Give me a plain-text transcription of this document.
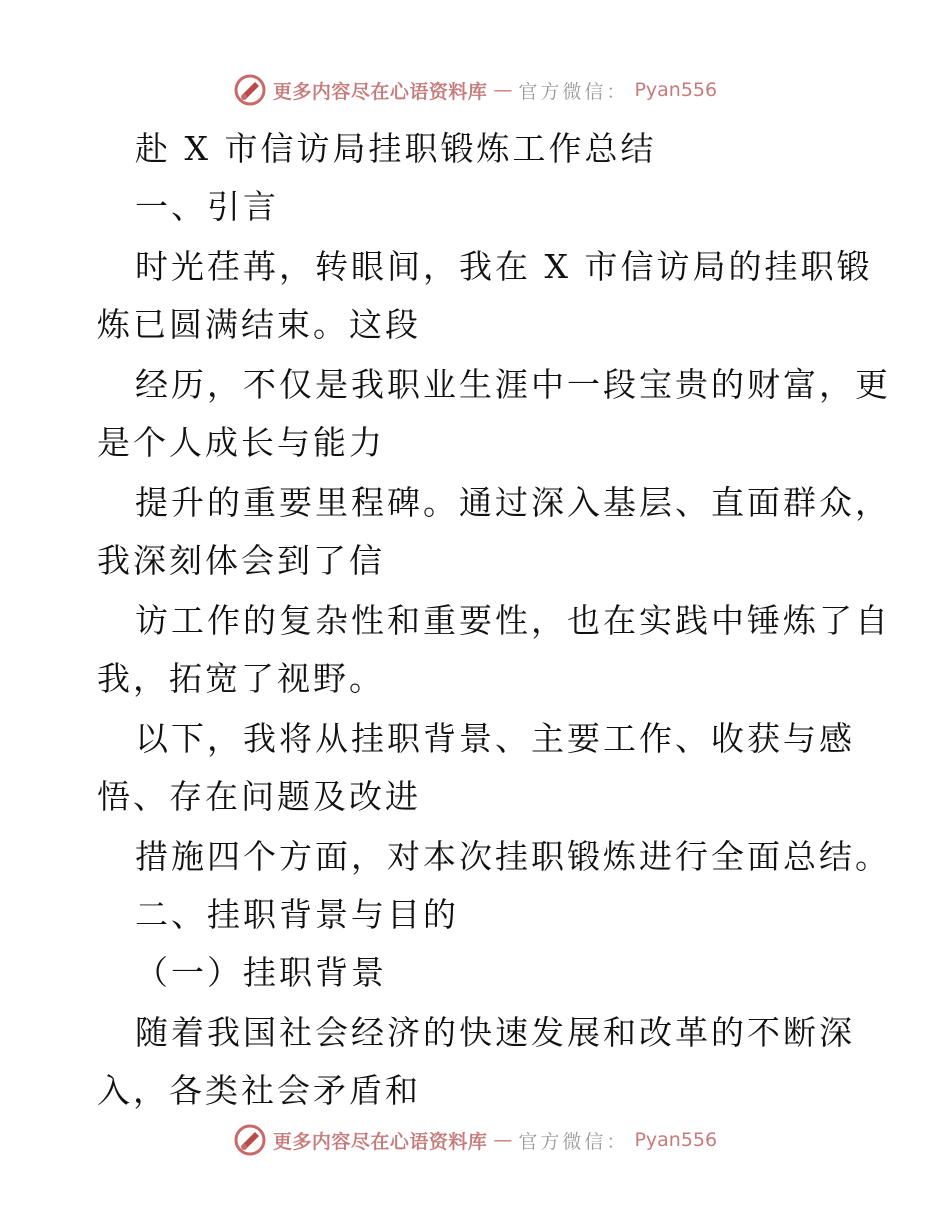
更多内容尽在心语资料库 — 官方微信： Pyan556
赴 X 市信访局挂职锻炼工作总结
一、引言
时光荏苒，转眼间，我在 X 市信访局的挂职锻
炼已圆满结束。这段
经历，不仅是我职业生涯中一段宝贵的财富，更
是个人成长与能力
提升的重要里程碑。通过深入基层、直面群众，
我深刻体会到了信
访工作的复杂性和重要性，也在实践中锤炼了自
我，拓宽了视野。
以下，我将从挂职背景、主要工作、收获与感
悟、存在问题及改进
措施四个方面，对本次挂职锻炼进行全面总结。
二、挂职背景与目的
（一）挂职背景
随着我国社会经济的快速发展和改革的不断深
入，各类社会矛盾和
更多内容尽在心语资料库 — 官方微信： Pyan556
